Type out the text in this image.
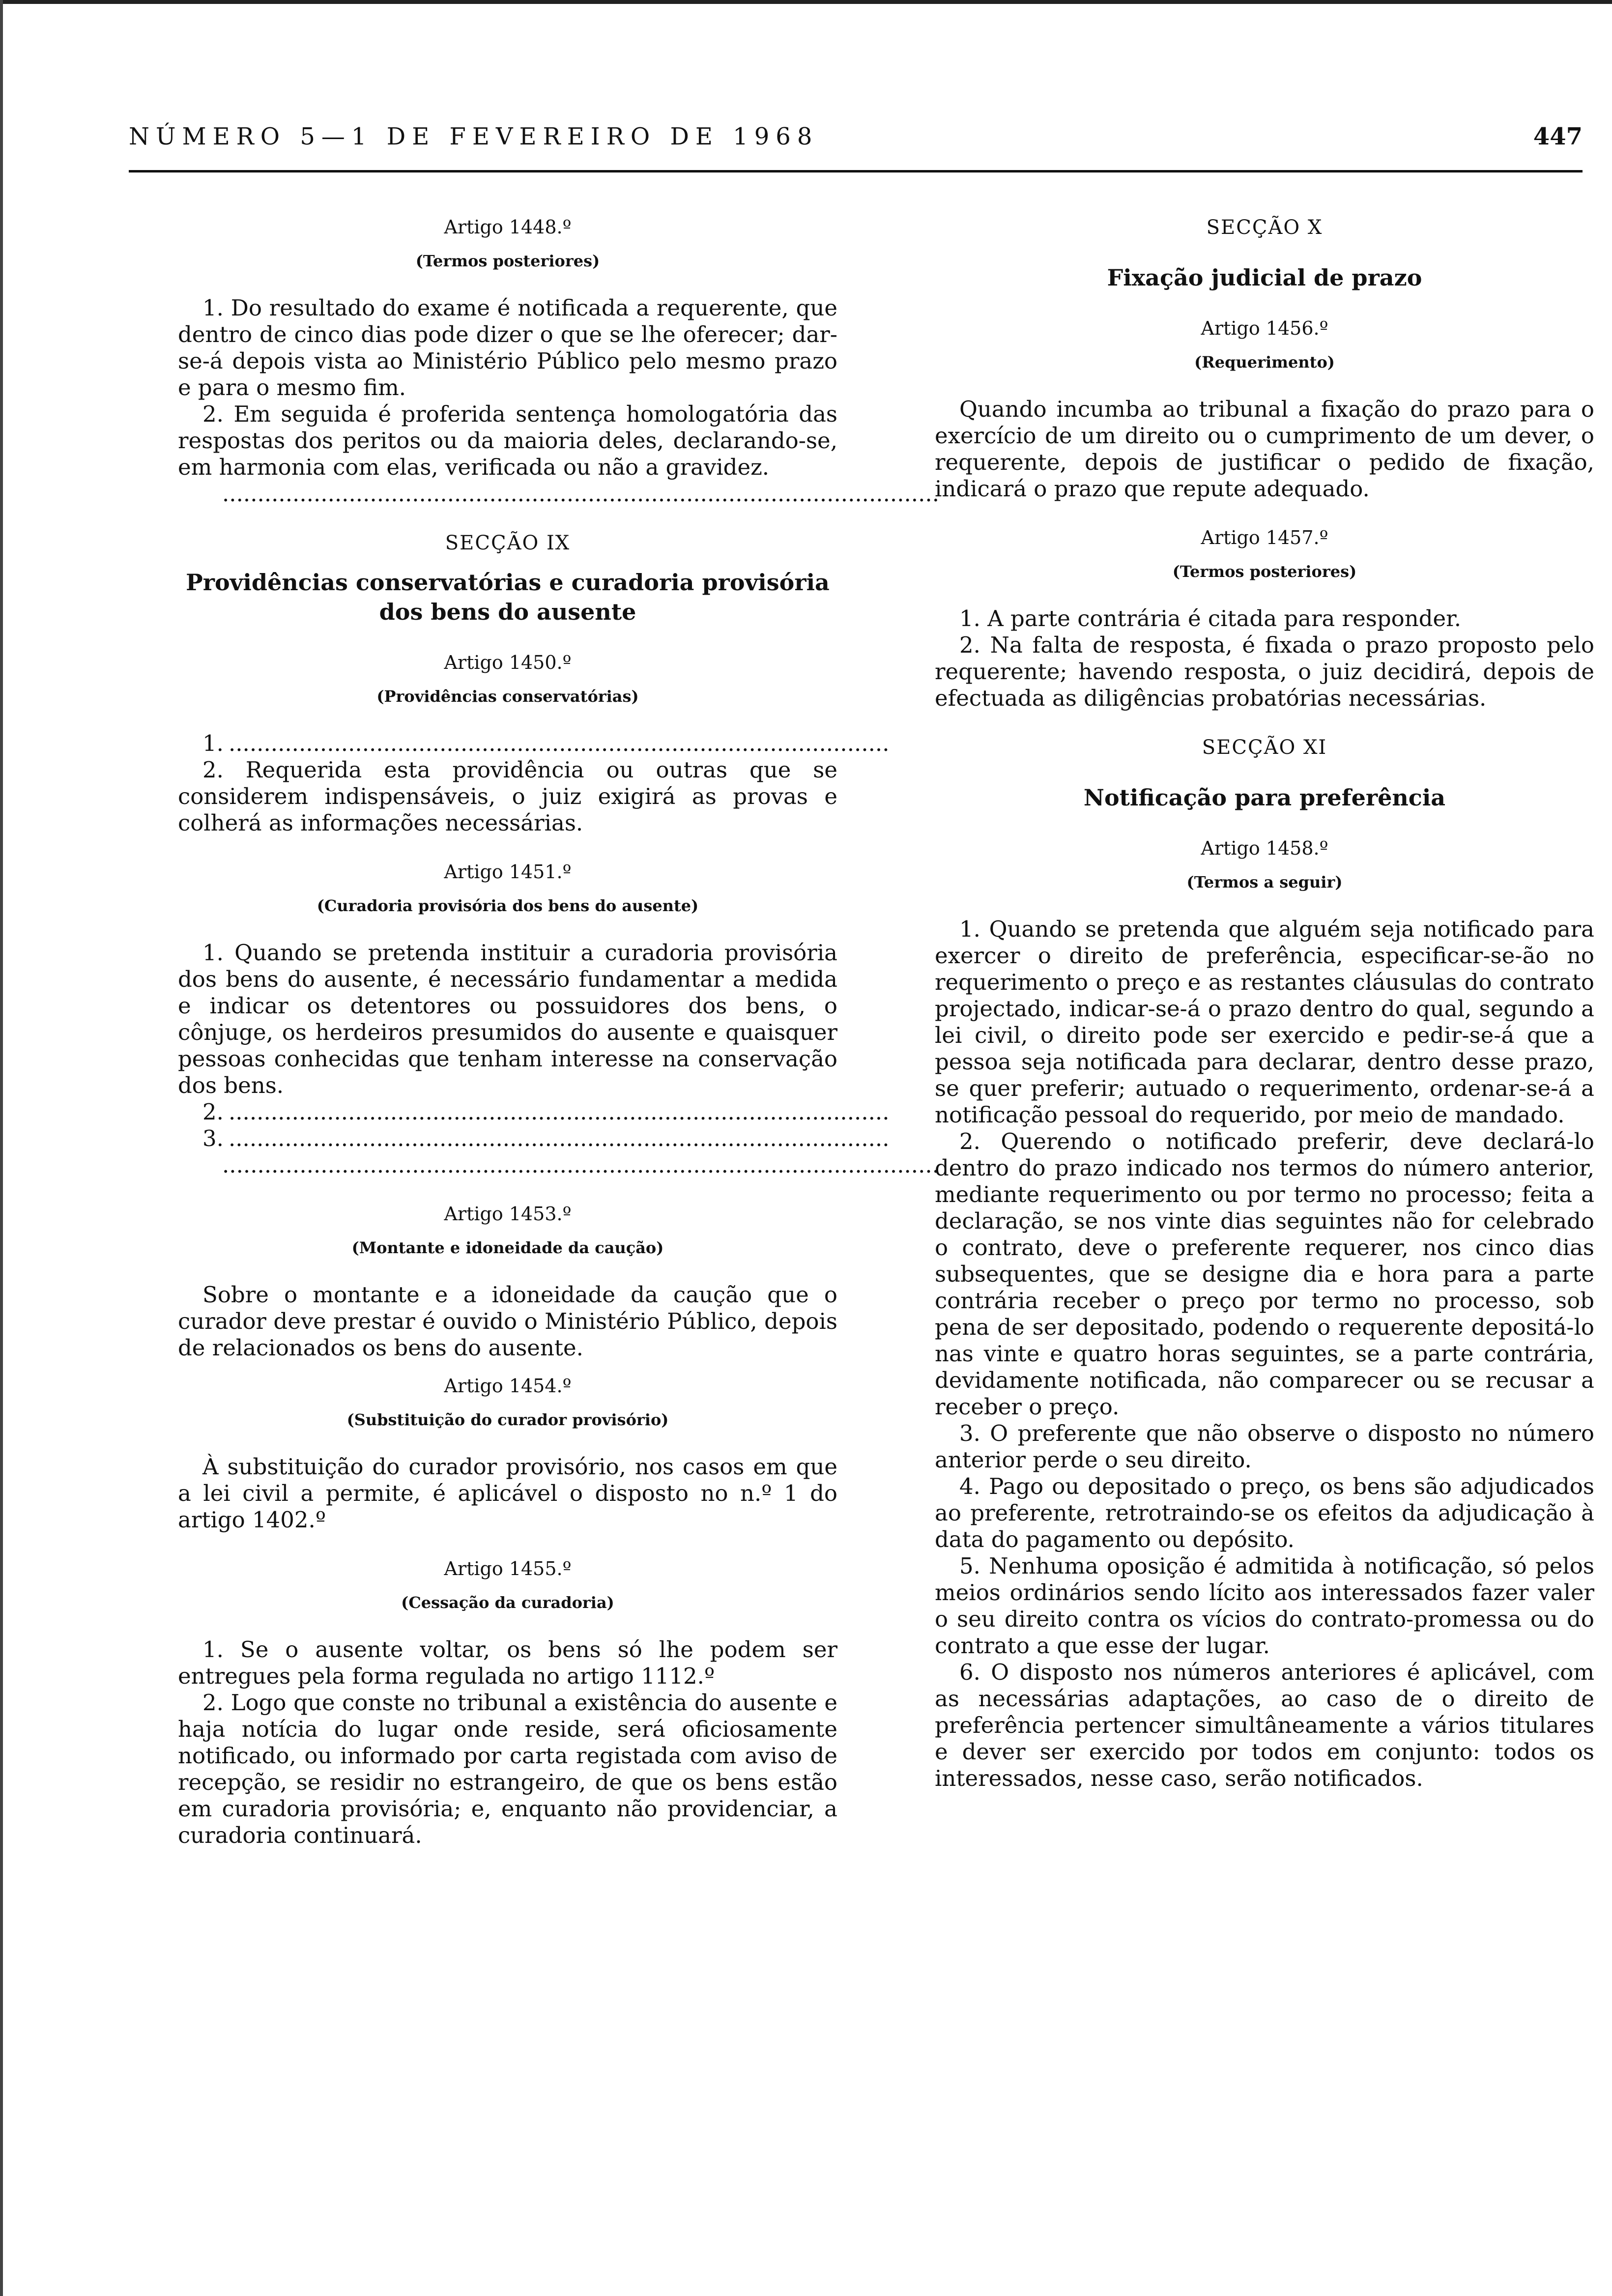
NÚMERO 5—1 DE FEVEREIRO DE 1968	447

Artigo 1448.º

(Termos posteriores)

1. Do resultado do exame é notificada a requerente, que dentro de cinco dias pode dizer o que se lhe oferecer; dar-se-á depois vista ao Ministério Público pelo mesmo prazo e para o mesmo fim.

2. Em seguida é proferida sentença homologatória das respostas dos peritos ou da maioria deles, declarando-se, em harmonia com elas, verificada ou não a gravidez.

......................................................................................................

SECÇÃO IX

Providências conservatórias e curadoria provisória dos bens do ausente

Artigo 1450.º

(Providências conservatórias)

1. ..............................................................................................

2. Requerida esta providência ou outras que se considerem indispensáveis, o juiz exigirá as provas e colherá as informações necessárias.

Artigo 1451.º

(Curadoria provisória dos bens do ausente)

1. Quando se pretenda instituir a curadoria provisória dos bens do ausente, é necessário fundamentar a medida e indicar os detentores ou possuidores dos bens, o cônjuge, os herdeiros presumidos do ausente e quaisquer pessoas conhecidas que tenham interesse na conservação dos bens.

2. ..............................................................................................

3. ..............................................................................................

......................................................................................................

Artigo 1453.º

(Montante e idoneidade da caução)

Sobre o montante e a idoneidade da caução que o curador deve prestar é ouvido o Ministério Público, depois de relacionados os bens do ausente.

Artigo 1454.º

(Substituição do curador provisório)

À substituição do curador provisório, nos casos em que a lei civil a permite, é aplicável o disposto no n.º 1 do artigo 1402.º

Artigo 1455.º

(Cessação da curadoria)

1. Se o ausente voltar, os bens só lhe podem ser entregues pela forma regulada no artigo 1112.º

2. Logo que conste no tribunal a existência do ausente e haja notícia do lugar onde reside, será oficiosamente notificado, ou informado por carta registada com aviso de recepção, se residir no estrangeiro, de que os bens estão em curadoria provisória; e, enquanto não providenciar, a curadoria continuará.

SECÇÃO X

Fixação judicial de prazo

Artigo 1456.º

(Requerimento)

Quando incumba ao tribunal a fixação do prazo para o exercício de um direito ou o cumprimento de um dever, o requerente, depois de justificar o pedido de fixação, indicará o prazo que repute adequado.

Artigo 1457.º

(Termos posteriores)

1. A parte contrária é citada para responder.

2. Na falta de resposta, é fixada o prazo proposto pelo requerente; havendo resposta, o juiz decidirá, depois de efectuada as diligências probatórias necessárias.

SECÇÃO XI

Notificação para preferência

Artigo 1458.º

(Termos a seguir)

1. Quando se pretenda que alguém seja notificado para exercer o direito de preferência, especificar-se-ão no requerimento o preço e as restantes cláusulas do contrato projectado, indicar-se-á o prazo dentro do qual, segundo a lei civil, o direito pode ser exercido e pedir-se-á que a pessoa seja notificada para declarar, dentro desse prazo, se quer preferir; autuado o requerimento, ordenar-se-á a notificação pessoal do requerido, por meio de mandado.

2. Querendo o notificado preferir, deve declará-lo dentro do prazo indicado nos termos do número anterior, mediante requerimento ou por termo no processo; feita a declaração, se nos vinte dias seguintes não for celebrado o contrato, deve o preferente requerer, nos cinco dias subsequentes, que se designe dia e hora para a parte contrária receber o preço por termo no processo, sob pena de ser depositado, podendo o requerente depositá-lo nas vinte e quatro horas seguintes, se a parte contrária, devidamente notificada, não comparecer ou se recusar a receber o preço.

3. O preferente que não observe o disposto no número anterior perde o seu direito.

4. Pago ou depositado o preço, os bens são adjudicados ao preferente, retrotraindo-se os efeitos da adjudicação à data do pagamento ou depósito.

5. Nenhuma oposição é admitida à notificação, só pelos meios ordinários sendo lícito aos interessados fazer valer o seu direito contra os vícios do contrato-promessa ou do contrato a que esse der lugar.

6. O disposto nos números anteriores é aplicável, com as necessárias adaptações, ao caso de o direito de preferência pertencer simultâneamente a vários titulares e dever ser exercido por todos em conjunto: todos os interessados, nesse caso, serão notificados.
